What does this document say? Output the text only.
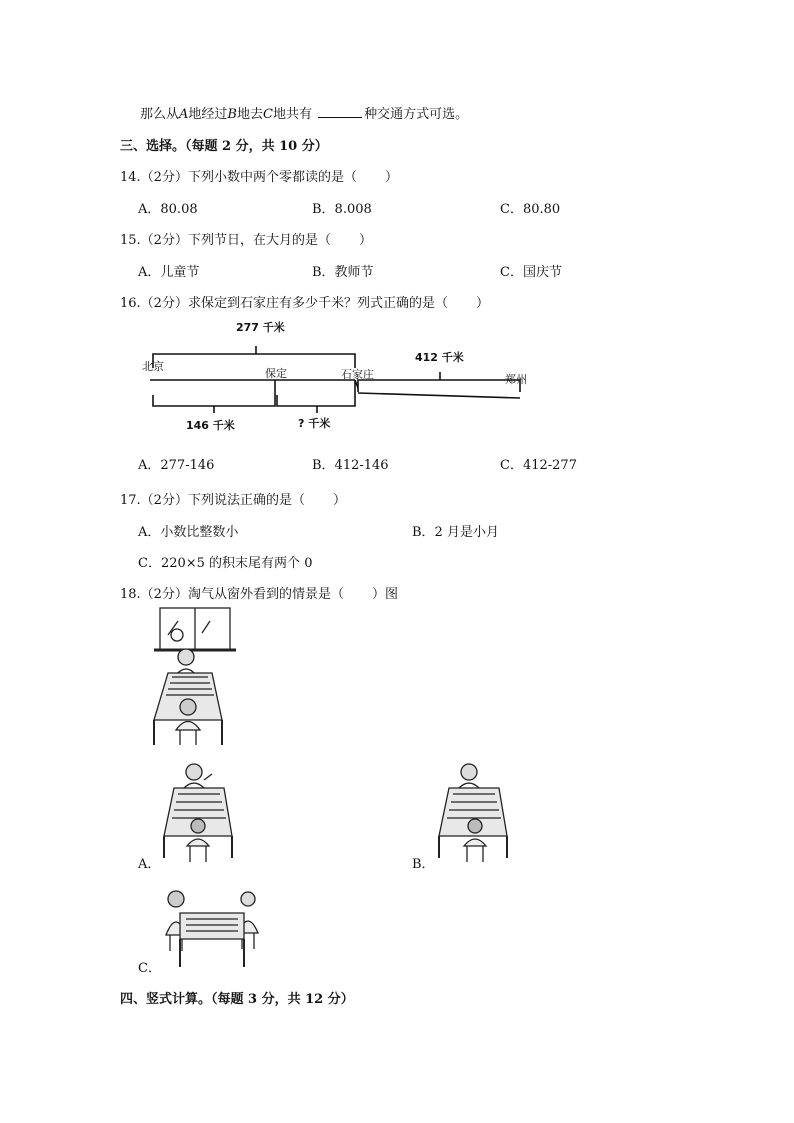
那么从A地经过B地去C地共有	种交通方式可选。
三、选择。（每题 2 分，共 10 分）
14.（2分）下列小数中两个零都读的是（ ）
A．80.08	B．8.008	C．80.80
15.（2分）下列节日，在大月的是（ ）
A．儿童节	B．教师节	C．国庆节
16.（2分）求保定到石家庄有多少千米？列式正确的是（ ）
277 千米
412 千米
146 千米	? 千米
北京
保定	石家庄	郑州
A．277-146	B．412-146	C．412-277
17.（2分）下列说法正确的是（ ）
A．小数比整数小	B．2 月是小月
C．220×5 的积末尾有两个 0
18.（2分）淘气从窗外看到的情景是（ ）图
A．	B．
C．
四、竖式计算。（每题 3 分，共 12 分）
